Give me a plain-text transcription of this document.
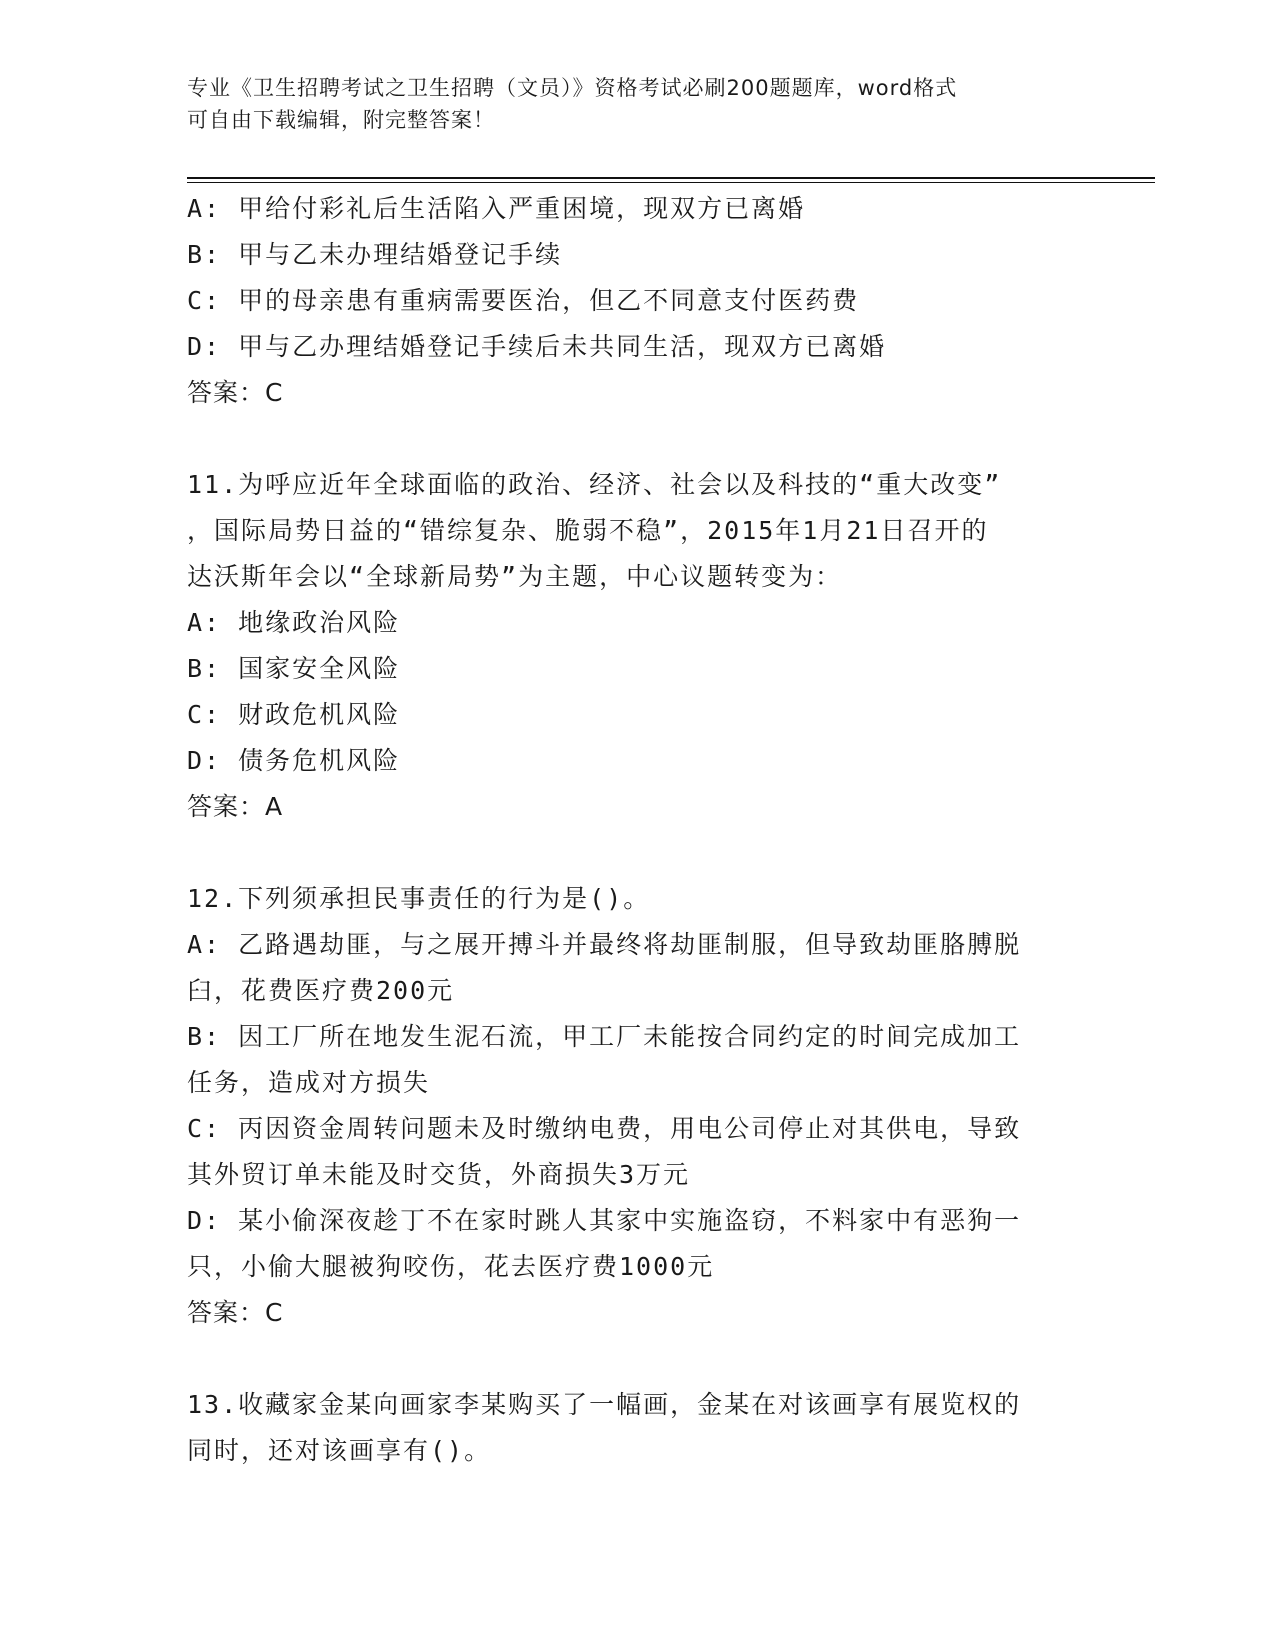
专业《卫生招聘考试之卫生招聘（文员）》资格考试必刷200题题库，word格式
可自由下载编辑，附完整答案！
A: 甲给付彩礼后生活陷入严重困境，现双方已离婚
B: 甲与乙未办理结婚登记手续
C: 甲的母亲患有重病需要医治，但乙不同意支付医药费
D: 甲与乙办理结婚登记手续后未共同生活，现双方已离婚
答案：C
11.为呼应近年全球面临的政治、经济、社会以及科技的“重大改变”
，国际局势日益的“错综复杂、脆弱不稳”，2015年1月21日召开的
达沃斯年会以“全球新局势”为主题，中心议题转变为：
A: 地缘政治风险
B: 国家安全风险
C: 财政危机风险
D: 债务危机风险
答案：A
12.下列须承担民事责任的行为是()。
A: 乙路遇劫匪，与之展开搏斗并最终将劫匪制服，但导致劫匪胳膊脱
臼，花费医疗费200元
B: 因工厂所在地发生泥石流，甲工厂未能按合同约定的时间完成加工
任务，造成对方损失
C: 丙因资金周转问题未及时缴纳电费，用电公司停止对其供电，导致
其外贸订单未能及时交货，外商损失3万元
D: 某小偷深夜趁丁不在家时跳人其家中实施盗窃，不料家中有恶狗一
只，小偷大腿被狗咬伤，花去医疗费1000元
答案：C
13.收藏家金某向画家李某购买了一幅画，金某在对该画享有展览权的
同时，还对该画享有()。
